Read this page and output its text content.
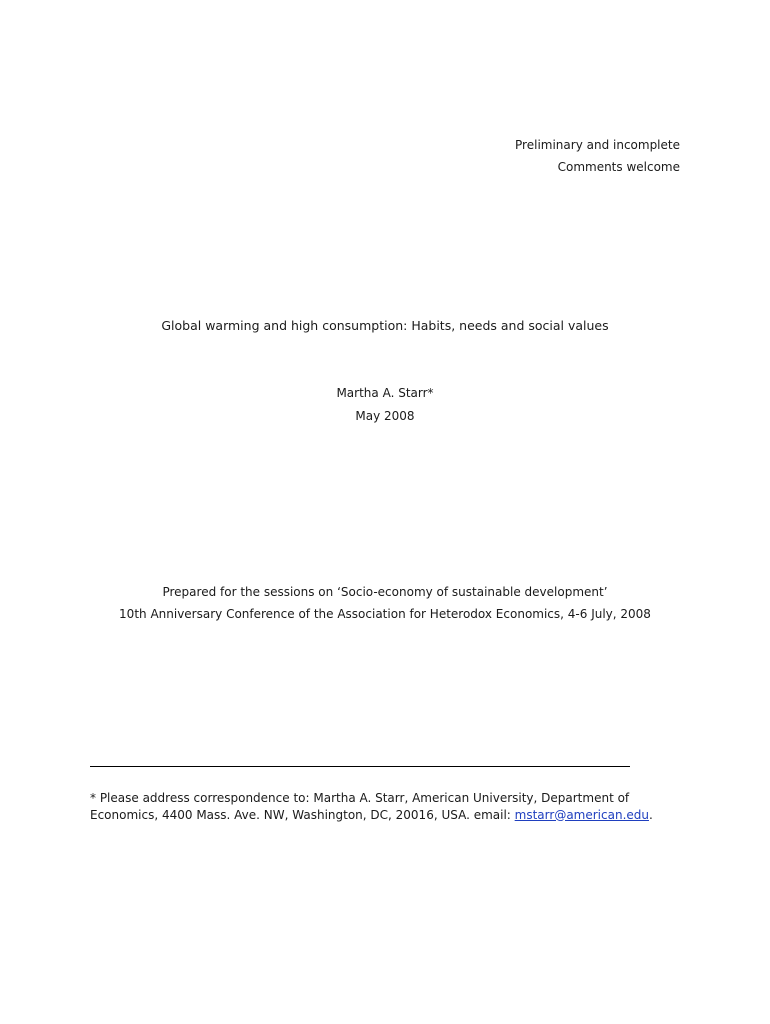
Preliminary and incomplete
Comments welcome
Global warming and high consumption: Habits, needs and social values
Martha A. Starr*
May 2008
Prepared for the sessions on ‘Socio-economy of sustainable development’
10th Anniversary Conference of the Association for Heterodox Economics, 4-6 July, 2008
* Please address correspondence to: Martha A. Starr, American University, Department of Economics, 4400 Mass. Ave. NW, Washington, DC, 20016, USA. email: mstarr@american.edu.
